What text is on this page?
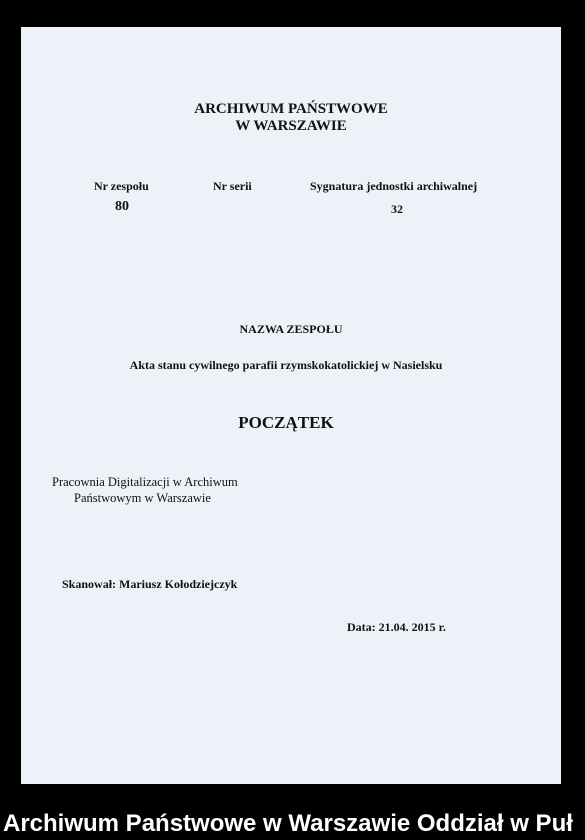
ARCHIWUM PAŃSTWOWE
W WARSZAWIE
Nr zespołu
80
Nr serii	Sygnatura jednostki archiwalnej
32
NAZWA ZESPOŁU
Akta stanu cywilnego parafii rzymskokatolickiej w Nasielsku
POCZĄTEK
Pracownia Digitalizacji w Archiwum
Państwowym w Warszawie
Skanował: Mariusz Kołodziejczyk
Data: 21.04. 2015 r.
Archiwum Państwowe w Warszawie Oddział w Puł
